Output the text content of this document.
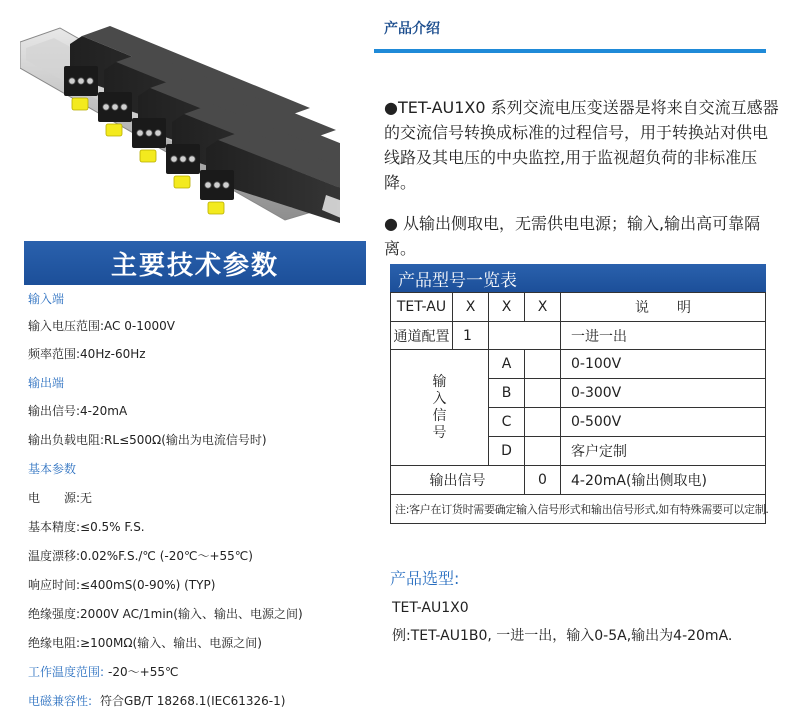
主要技术参数
输入端
输入电压范围:AC 0-1000V
频率范围:40Hz-60Hz
输出端
输出信号:4-20mA
输出负载电阻:RL≤500Ω(输出为电流信号时)
基本参数
电　　源:无
基本精度:≤0.5% F.S.
温度漂移:0.02%F.S./℃ (-20℃～+55℃)
响应时间:≤400mS(0-90%) (TYP)
绝缘强度:2000V AC/1min(输入、输出、电源之间)
绝缘电阻:≥100MΩ(输入、输出、电源之间)
工作温度范围: -20～+55℃
电磁兼容性: 符合GB/T 18268.1(IEC61326-1)
产品介绍
●TET-AU1X0 系列交流电压变送器是将来自交流互感器的交流信号转换成标准的过程信号，用于转换站对供电线路及其电压的中央监控,用于监视超负荷的非标准压降。
● 从输出侧取电，无需供电电源；输入,输出高可靠隔离。
产品型号一览表
TET-AU	X	X	X	说　　明
通道配置 1	一进一出
输
入
信
号
A	0-100V
B	0-300V
C	0-500V
D	客户定制
输出信号	0	4-20mA(输出侧取电)
注:客户在订货时需要确定输入信号形式和输出信号形式,如有特殊需要可以定制.
产品选型:
TET-AU1X0
例:TET-AU1B0, 一进一出，输入0-5A,输出为4-20mA.
